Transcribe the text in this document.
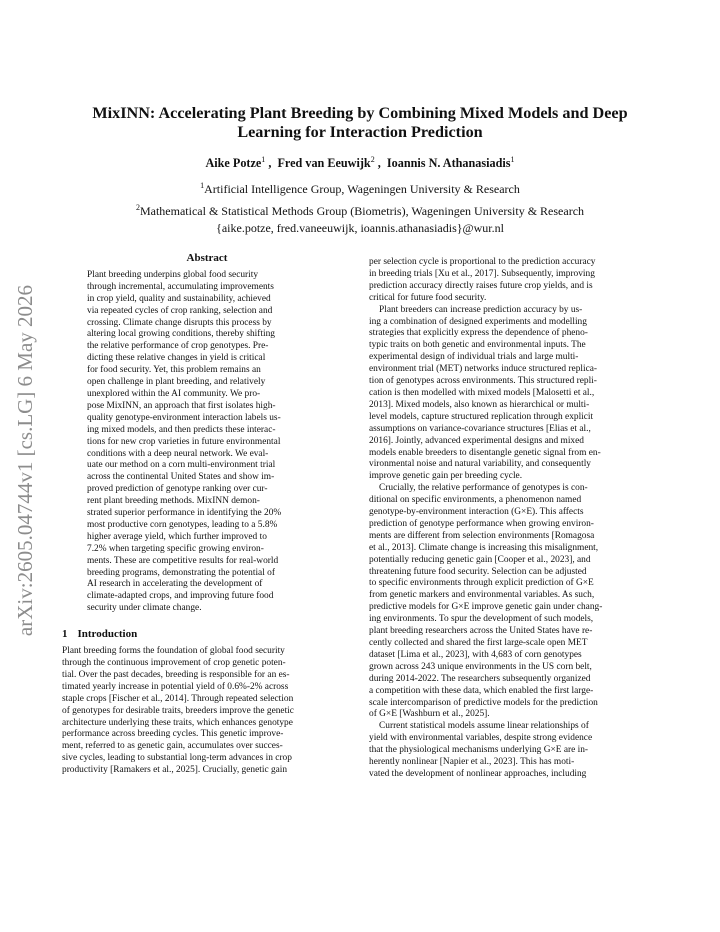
arXiv:2605.04744v1 [cs.LG] 6 May 2026
MixINN: Accelerating Plant Breeding by Combining Mixed Models and Deep
Learning for Interaction Prediction
Aike Potze$^1$ ,  Fred van Eeuwijk$^2$ ,  Ioannis N. Athanasiadis$^1$
$^1$Artificial Intelligence Group, Wageningen University & Research
$^2$Mathematical & Statistical Methods Group (Biometris), Wageningen University & Research
{aike.potze, fred.vaneeuwijk, ioannis.athanasiadis}@wur.nl
Abstract
Plant breeding underpins global food security
through incremental, accumulating improvements
in crop yield, quality and sustainability, achieved
via repeated cycles of crop ranking, selection and
crossing. Climate change disrupts this process by
altering local growing conditions, thereby shifting
the relative performance of crop genotypes. Pre-
dicting these relative changes in yield is critical
for food security. Yet, this problem remains an
open challenge in plant breeding, and relatively
unexplored within the AI community. We pro-
pose MixINN, an approach that first isolates high-
quality genotype-environment interaction labels us-
ing mixed models, and then predicts these interac-
tions for new crop varieties in future environmental
conditions with a deep neural network. We eval-
uate our method on a corn multi-environment trial
across the continental United States and show im-
proved prediction of genotype ranking over cur-
rent plant breeding methods. MixINN demon-
strated superior performance in identifying the 20%
most productive corn genotypes, leading to a 5.8%
higher average yield, which further improved to
7.2% when targeting specific growing environ-
ments. These are competitive results for real-world
breeding programs, demonstrating the potential of
AI research in accelerating the development of
climate-adapted crops, and improving future food
security under climate change.
1 Introduction
Plant breeding forms the foundation of global food security
through the continuous improvement of crop genetic poten-
tial. Over the past decades, breeding is responsible for an es-
timated yearly increase in potential yield of 0.6%-2% across
staple crops [Fischer et al., 2014]. Through repeated selection
of genotypes for desirable traits, breeders improve the genetic
architecture underlying these traits, which enhances genotype
performance across breeding cycles. This genetic improve-
ment, referred to as genetic gain, accumulates over succes-
sive cycles, leading to substantial long-term advances in crop
productivity [Ramakers et al., 2025]. Crucially, genetic gain

per selection cycle is proportional to the prediction accuracy
in breeding trials [Xu et al., 2017]. Subsequently, improving
prediction accuracy directly raises future crop yields, and is
critical for future food security.

Plant breeders can increase prediction accuracy by us-
ing a combination of designed experiments and modelling
strategies that explicitly express the dependence of pheno-
typic traits on both genetic and environmental inputs. The
experimental design of individual trials and large multi-
environment trial (MET) networks induce structured replica-
tion of genotypes across environments. This structured repli-
cation is then modelled with mixed models [Malosetti et al.,
2013]. Mixed models, also known as hierarchical or multi-
level models, capture structured replication through explicit
assumptions on variance-covariance structures [Elias et al.,
2016]. Jointly, advanced experimental designs and mixed
models enable breeders to disentangle genetic signal from en-
vironmental noise and natural variability, and consequently
improve genetic gain per breeding cycle.

Crucially, the relative performance of genotypes is con-
ditional on specific environments, a phenomenon named
genotype-by-environment interaction (G×E). This affects
prediction of genotype performance when growing environ-
ments are different from selection environments [Romagosa
et al., 2013]. Climate change is increasing this misalignment,
potentially reducing genetic gain [Cooper et al., 2023], and
threatening future food security. Selection can be adjusted
to specific environments through explicit prediction of G×E
from genetic markers and environmental variables. As such,
predictive models for G×E improve genetic gain under chang-
ing environments. To spur the development of such models,
plant breeding researchers across the United States have re-
cently collected and shared the first large-scale open MET
dataset [Lima et al., 2023], with 4,683 of corn genotypes
grown across 243 unique environments in the US corn belt,
during 2014-2022. The researchers subsequently organized
a competition with these data, which enabled the first large-
scale intercomparison of predictive models for the prediction
of G×E [Washburn et al., 2025].

Current statistical models assume linear relationships of
yield with environmental variables, despite strong evidence
that the physiological mechanisms underlying G×E are in-
herently nonlinear [Napier et al., 2023]. This has moti-
vated the development of nonlinear approaches, including
